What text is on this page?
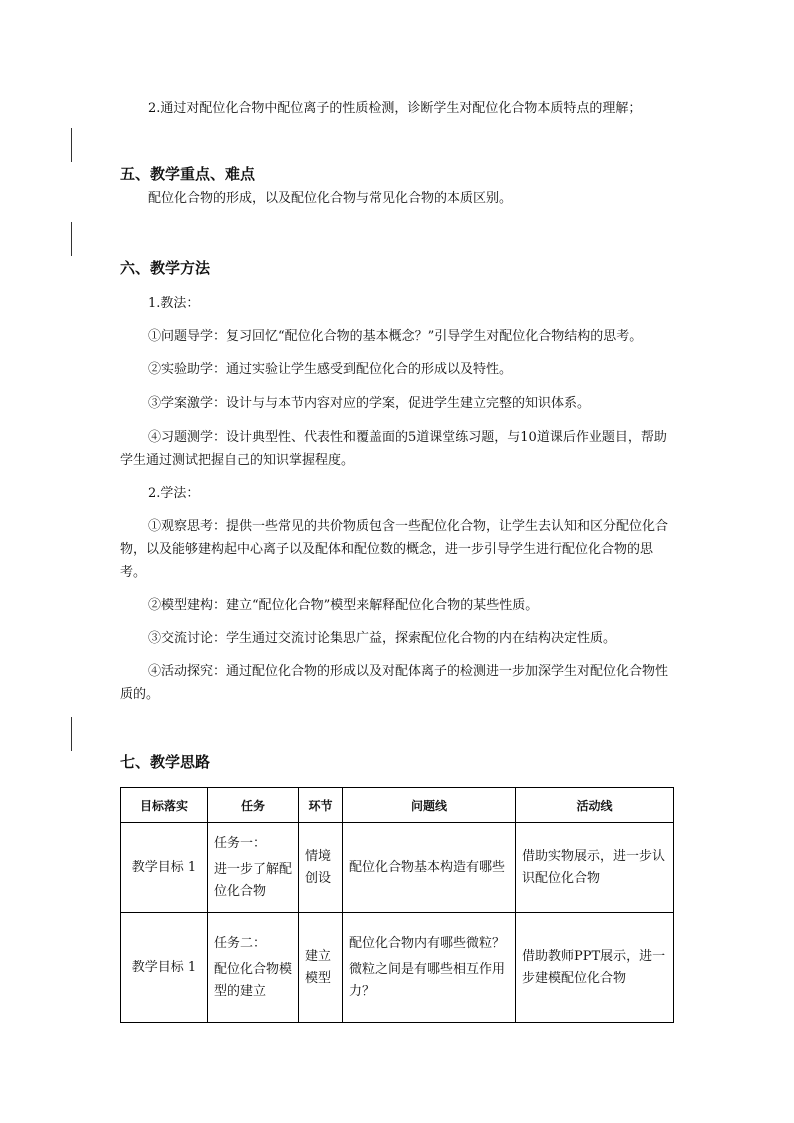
2.通过对配位化合物中配位离子的性质检测，诊断学生对配位化合物本质特点的理解；
五、教学重点、难点
配位化合物的形成，以及配位化合物与常见化合物的本质区别。
六、教学方法
1.教法：
①问题导学：复习回忆“配位化合物的基本概念？”引导学生对配位化合物结构的思考。
②实验助学：通过实验让学生感受到配位化合的形成以及特性。
③学案激学：设计与与本节内容对应的学案，促进学生建立完整的知识体系。
④习题测学：设计典型性、代表性和覆盖面的5道课堂练习题，与10道课后作业题目，帮助学生通过测试把握自己的知识掌握程度。
2.学法：
①观察思考：提供一些常见的共价物质包含一些配位化合物，让学生去认知和区分配位化合物，以及能够建构起中心离子以及配体和配位数的概念，进一步引导学生进行配位化合物的思考。
②模型建构：建立“配位化合物”模型来解释配位化合物的某些性质。
③交流讨论：学生通过交流讨论集思广益，探索配位化合物的内在结构决定性质。
④活动探究：通过配位化合物的形成以及对配体离子的检测进一步加深学生对配位化合物性质的。
七、教学思路
目标落实	任务	环节	问题线	活动线
教学目标 1	任务一：
进一步了解配位化合物	情境创设	配位化合物基本构造有哪些	借助实物展示，进一步认识配位化合物
教学目标 1	任务二：
配位化合物模型的建立	建立模型	配位化合物内有哪些微粒？
微粒之间是有哪些相互作用力？	借助教师PPT展示，进一步建模配位化合物
